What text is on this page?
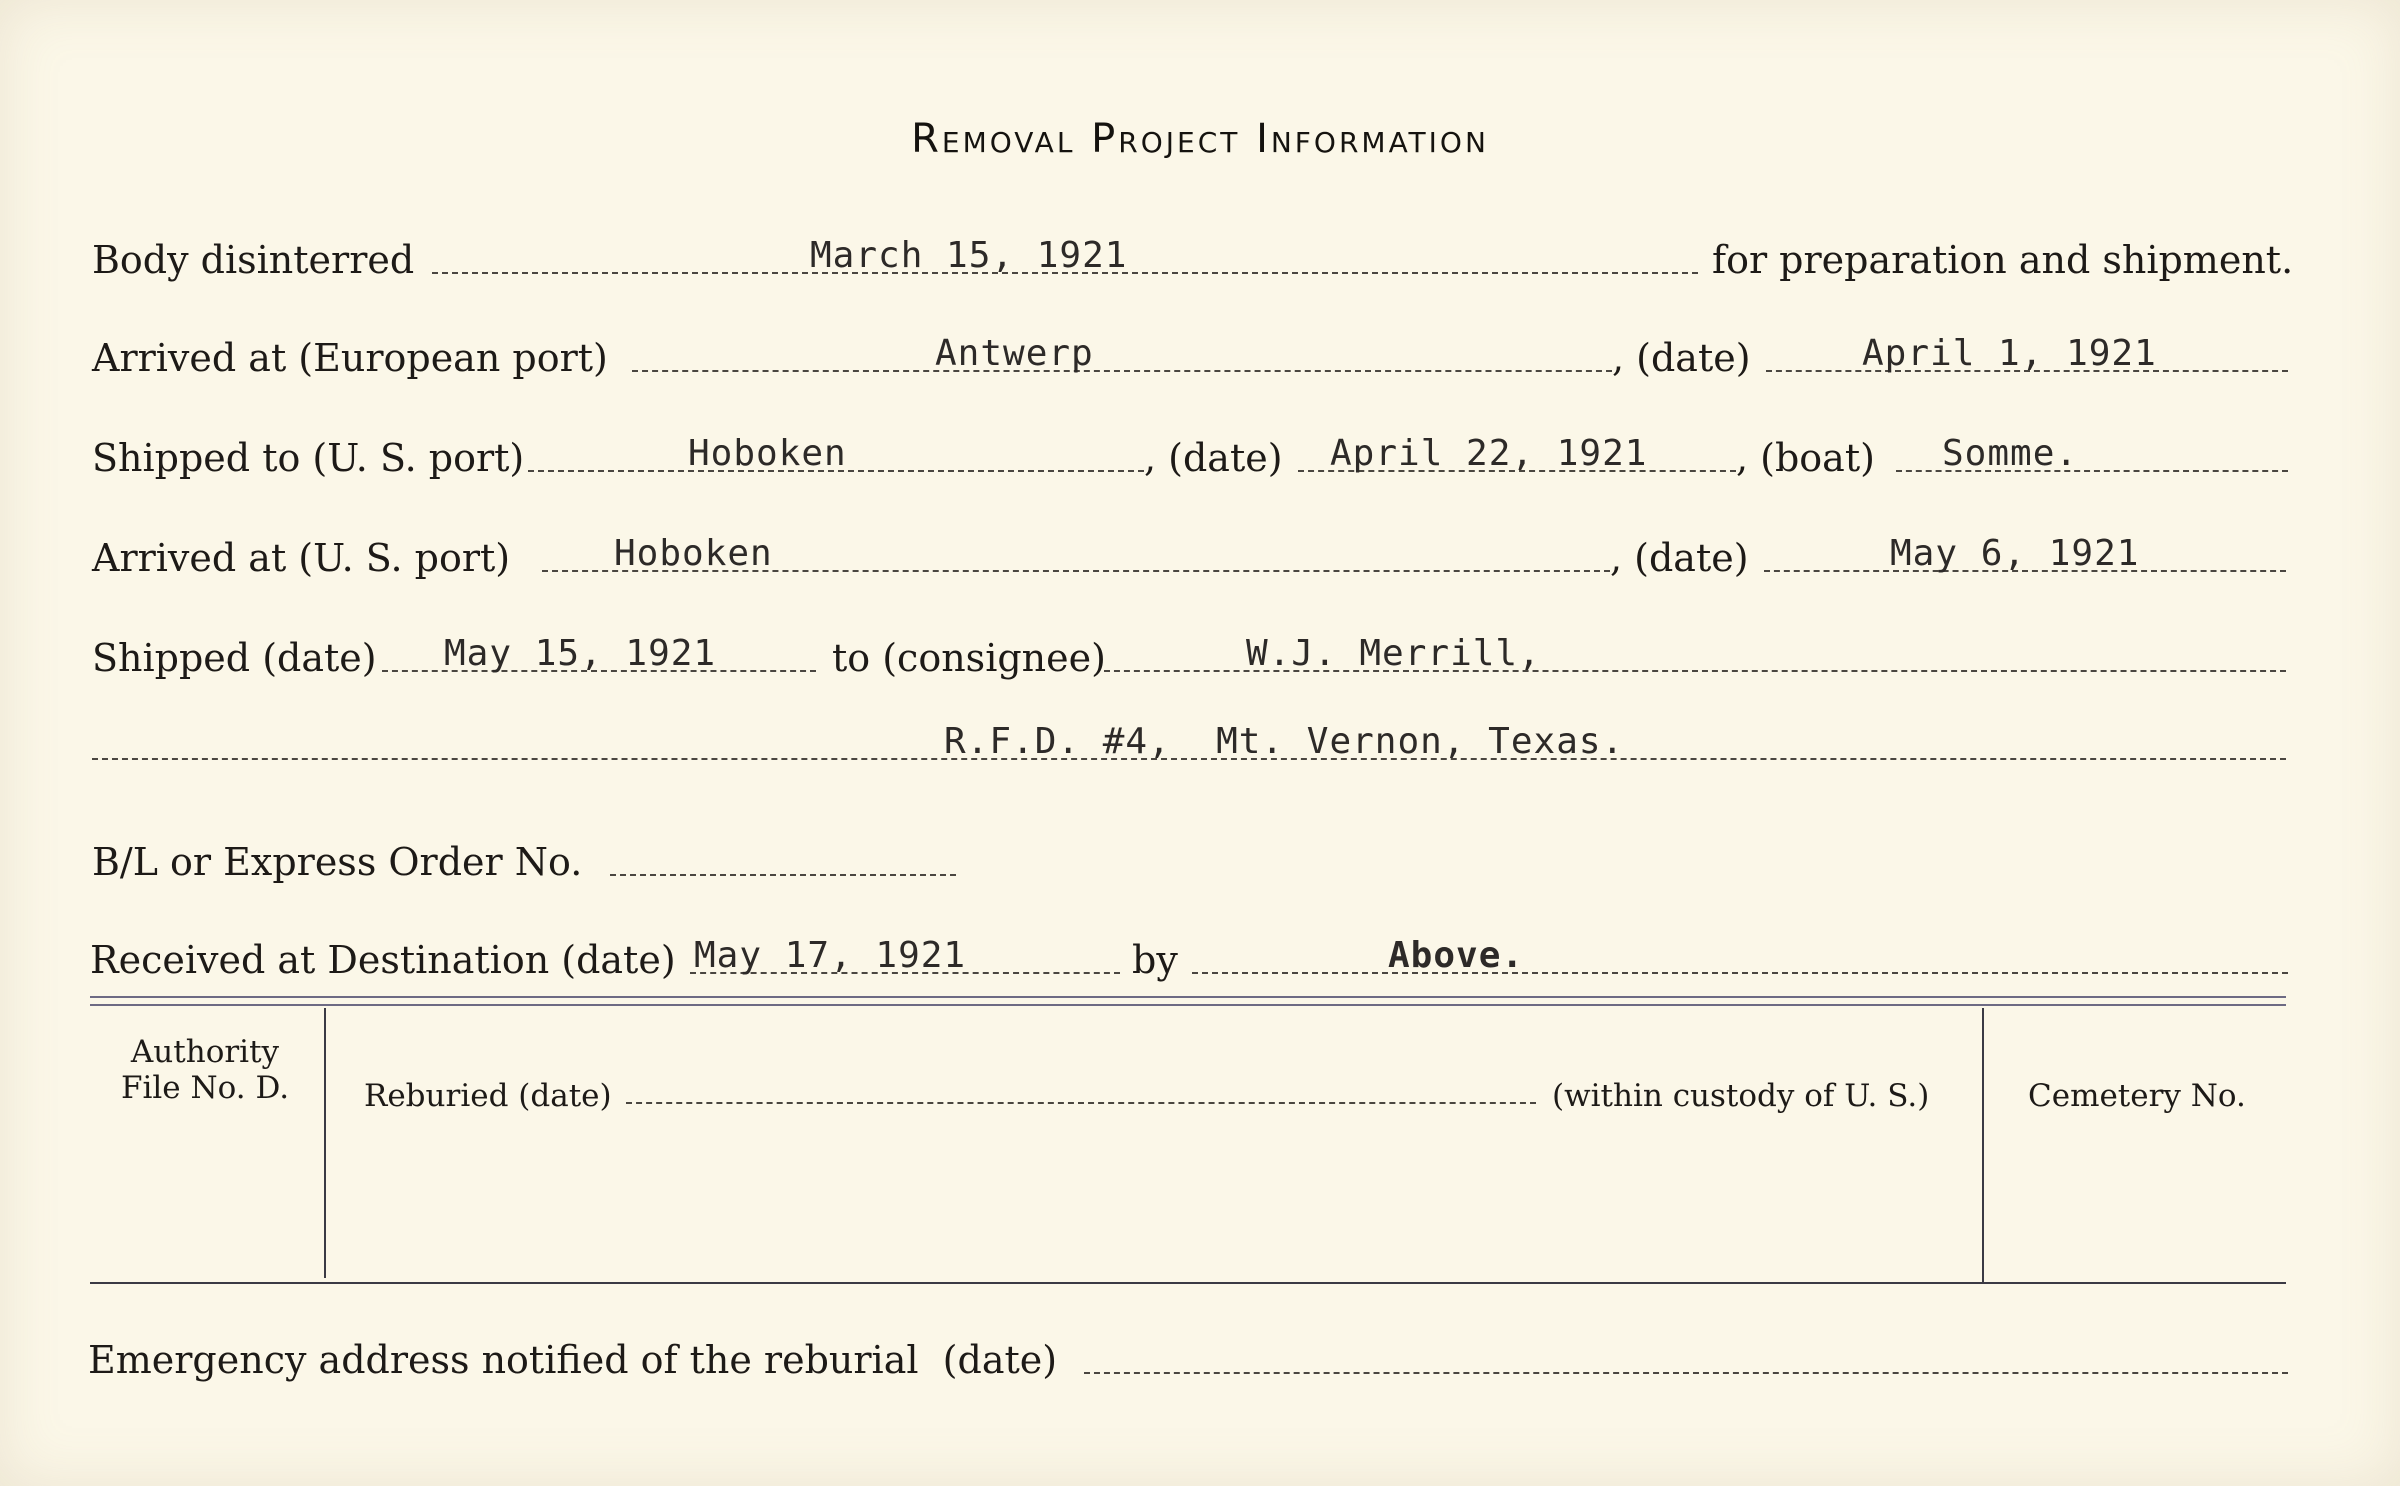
Removal Project Information
Body disinterred	March 15, 1921	for preparation and shipment.
Arrived at (European port)	Antwerp	, (date)	April 1, 1921
Shipped to (U. S. port)	Hoboken	, (date) April 22, 1921 , (boat) Somme.
Arrived at (U. S. port)	Hoboken	, (date)	May 6, 1921
Shipped (date) May 15, 1921	to (consignee)	W.J. Merrill,
R.F.D. #4,  Mt. Vernon, Texas.
B/L or Express Order No.
Received at Destination (date) May 17, 1921	by	Above.
Authority
File No. D.	Reburied (date)	(within custody of U. S.)	Cemetery No.
Emergency address notified of the reburial  (date)
